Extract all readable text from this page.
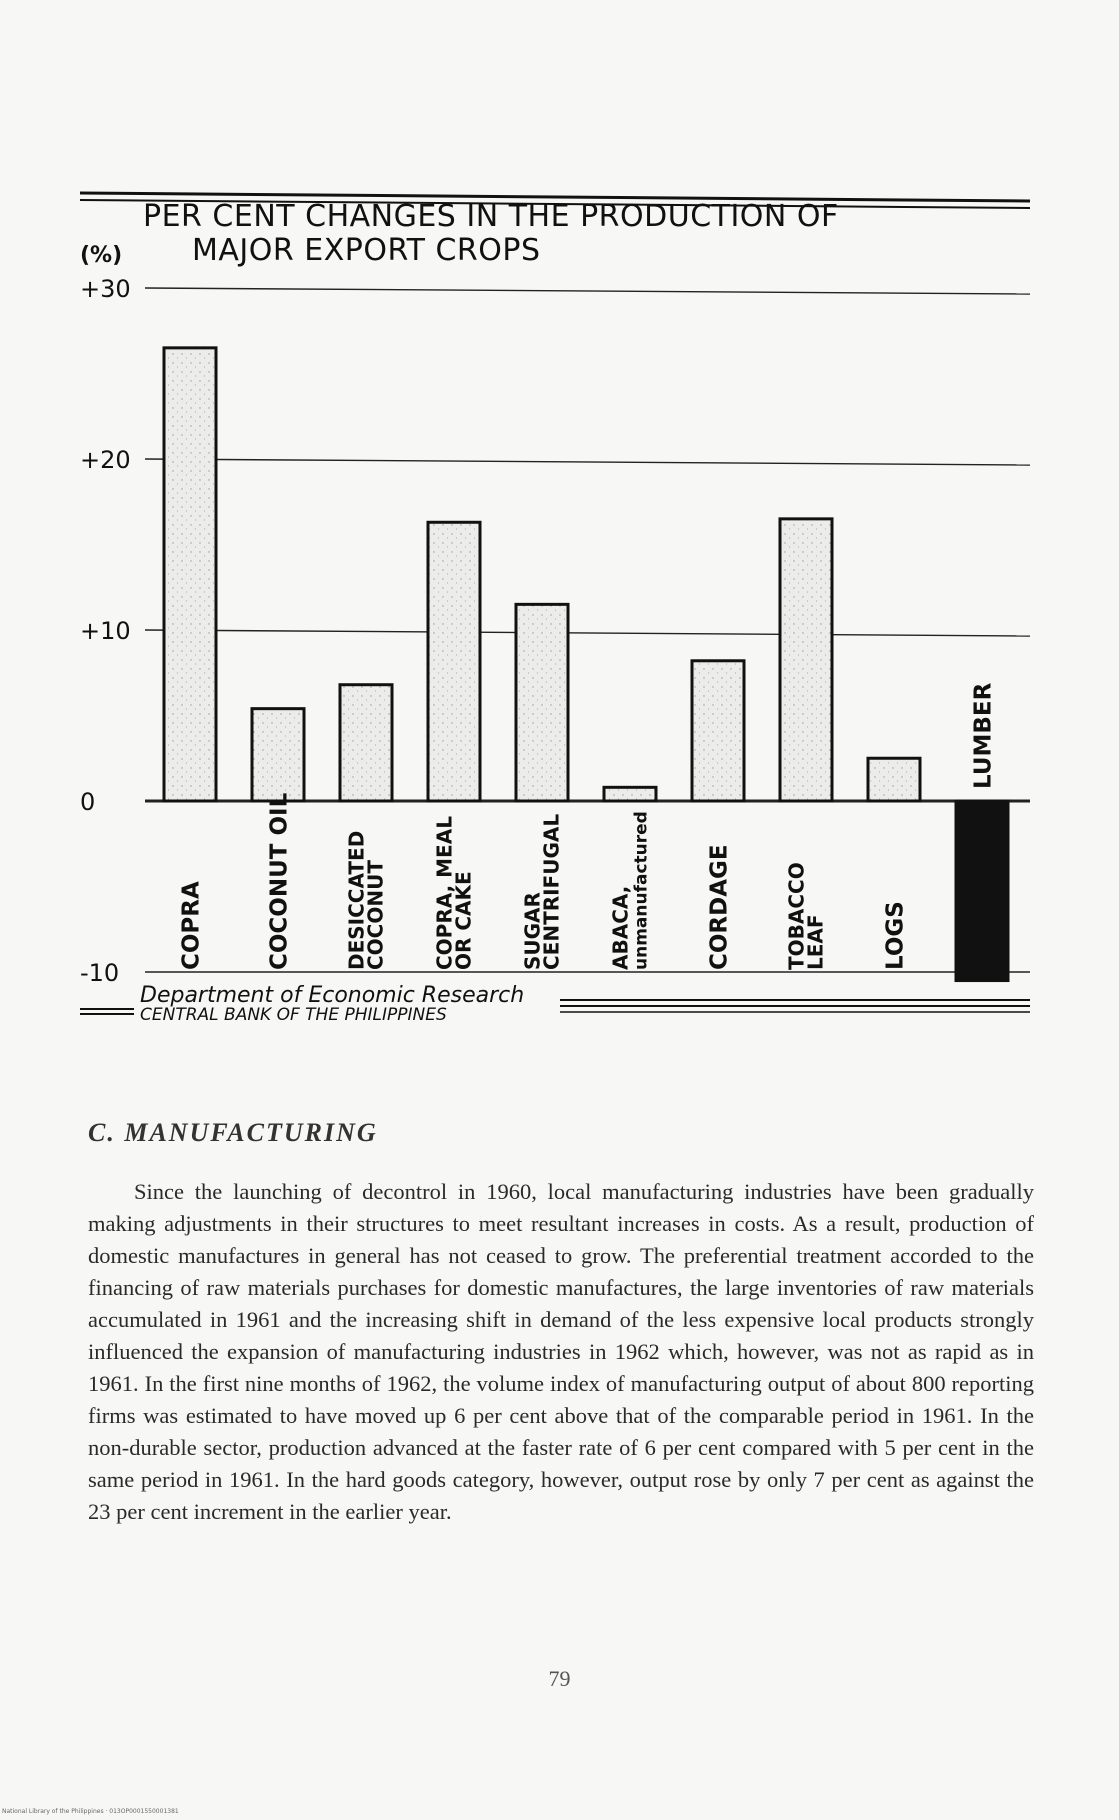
PER CENT CHANGES IN THE PRODUCTION OF
MAJOR EXPORT CROPS
(%)
+30
+20
+10
0
-10
COPRA	COCONUT OIL	DESICCATED
COCONUT COPRA, MEAL
OR CAKE SUGAR
CENTRIFUGAL ABACA, unmanufactured CORDAGE	TOBACCO
LEAF LOGS
LUMBER
Department of Economic Research
CENTRAL BANK OF THE PHILIPPINES
C. MANUFACTURING

Since the launching of decontrol in 1960, local manufacturing industries have been gradually making adjustments in their structures to meet resultant increases in costs. As a result, production of domestic manufactures in general has not ceased to grow. The preferential treatment accorded to the financing of raw materials purchases for domestic manufactures, the large inventories of raw materials accumulated in 1961 and the increasing shift in demand of the less expensive local products strongly influenced the expansion of manufacturing industries in 1962 which, however, was not as rapid as in 1961. In the first nine months of 1962, the volume index of manufacturing output of about 800 reporting firms was estimated to have moved up 6 per cent above that of the comparable period in 1961. In the non-durable sector, production advanced at the faster rate of 6 per cent compared with 5 per cent in the same period in 1961. In the hard goods category, however, output rose by only 7 per cent as against the 23 per cent increment in the earlier year.

79
National Library of the Philippines · 013OP0001550001381
